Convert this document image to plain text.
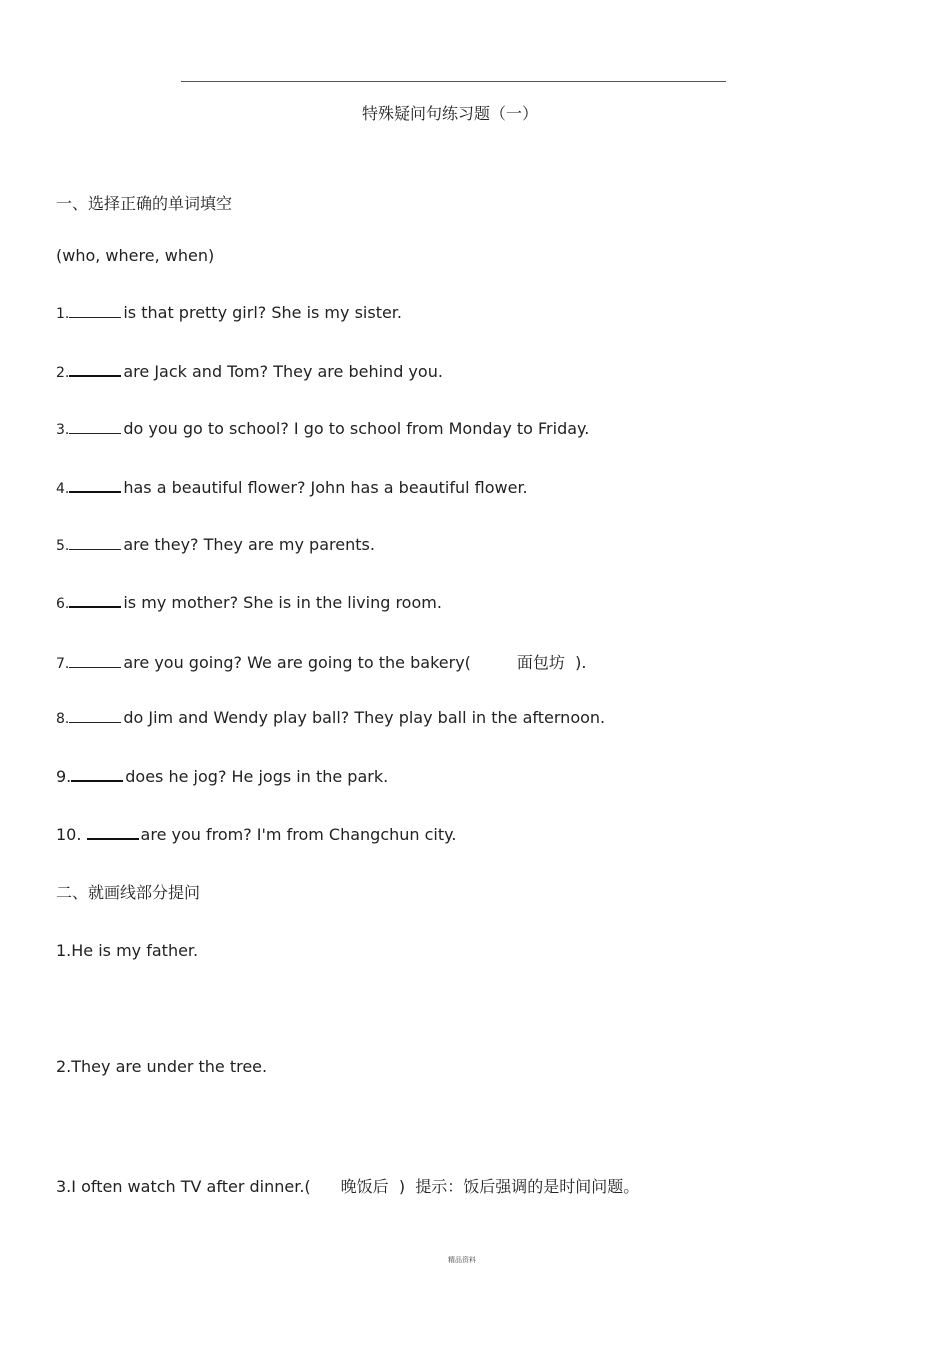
特殊疑问句练习题（一）
一、选择正确的单词填空
(who, where, when)
1.	is that pretty girl? She is my sister.
2.	are Jack and Tom? They are behind you.
3.	do you go to school? I go to school from Monday to Friday.
4.	has a beautiful flower? John has a beautiful flower.
5.	are they? They are my parents.
6.	is my mother? She is in the living room.
7.	are you going? We are going to the bakery(	面包坊 ).
8.	do Jim and Wendy play ball? They play ball in the afternoon.
9.	does he jog? He jogs in the park.
10.	are you from? I'm from Changchun city.
二、就画线部分提问
1.He is my father.
2.They are under the tree.
3.I often watch TV after dinner.( 晚饭后 ) 提示：饭后强调的是时间问题。
精品资料
